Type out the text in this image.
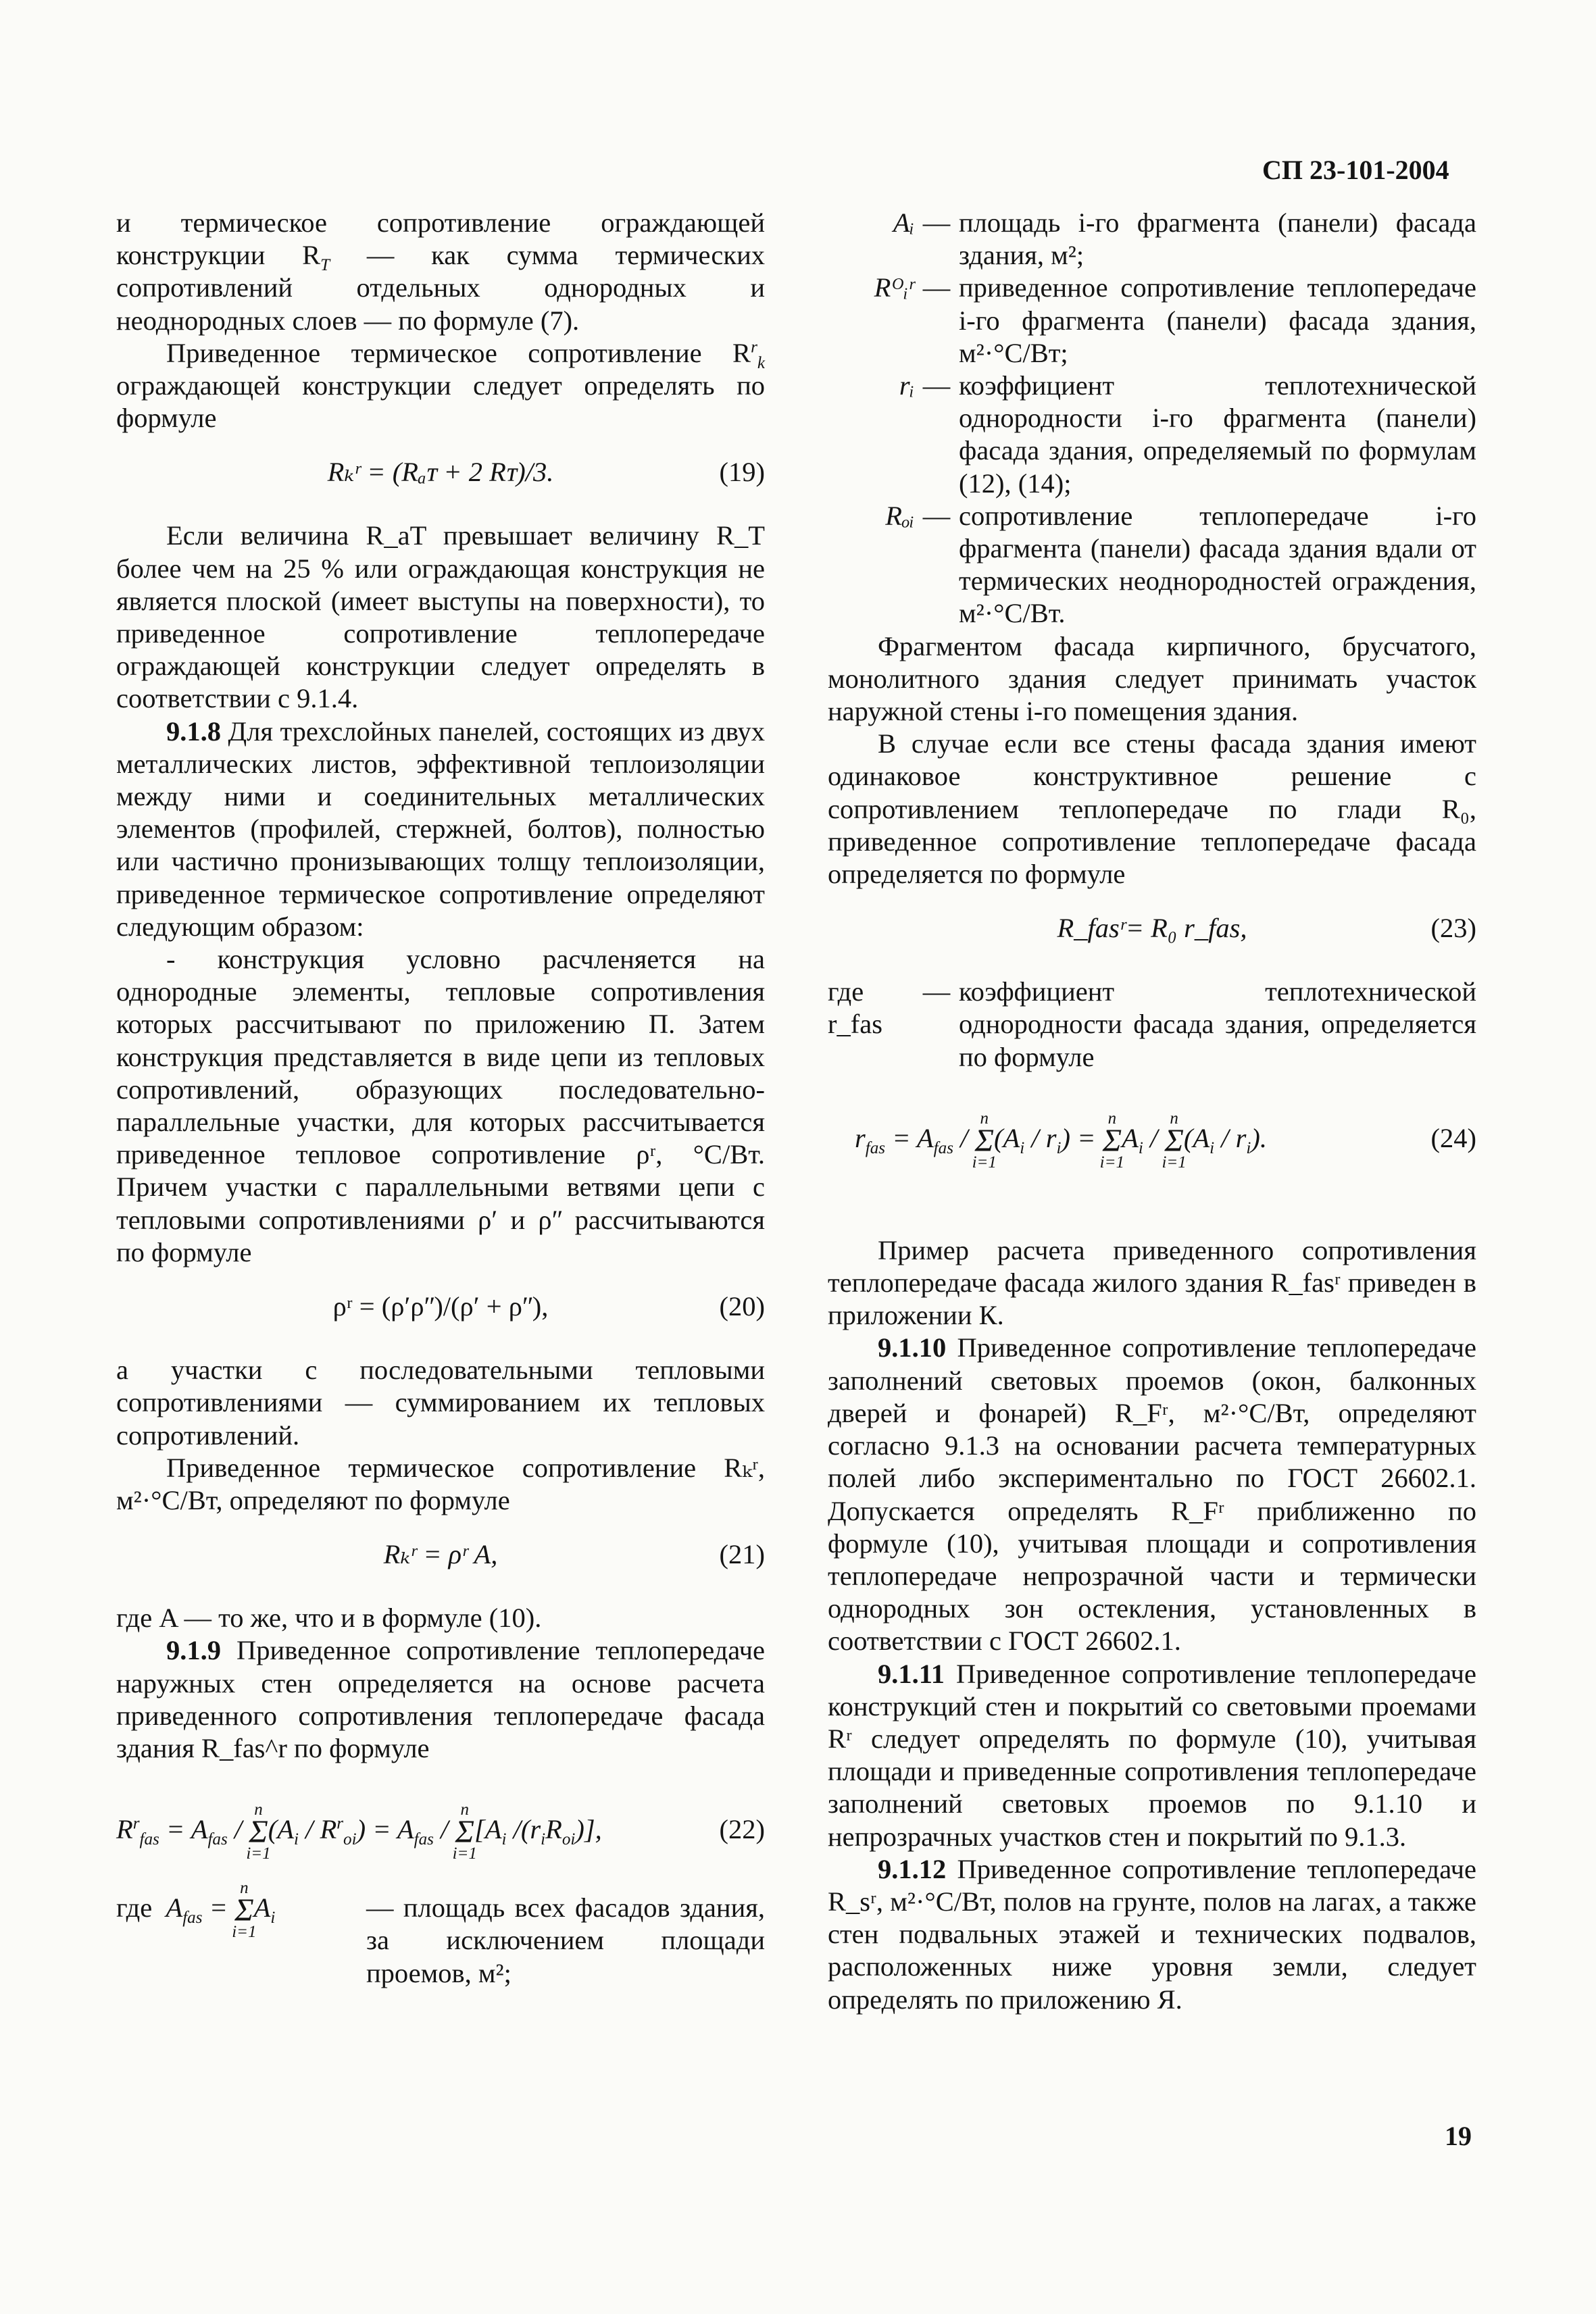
СП 23-101-2004

и термическое сопротивление ограждающей конструкции $R_T$ — как сумма термических сопротивлений отдельных однородных и неоднородных слоев — по формуле (7).

Приведенное термическое сопротивление $R^r_k$ ограждающей конструкции следует определять по формуле

Rₖʳ = (Rₐᴛ + 2 Rᴛ)/3.	(19)

Если величина R_aT превышает величину R_T более чем на 25 % или ограждающая конструкция не является плоской (имеет выступы на поверхности), то приведенное сопротивление теплопередаче ограждающей конструкции следует определять в соответствии с 9.1.4.

9.1.8 Для трехслойных панелей, состоящих из двух металлических листов, эффективной теплоизоляции между ними и соединительных металлических элементов (профилей, стержней, болтов), полностью или частично пронизывающих толщу теплоизоляции, приведенное термическое сопротивление определяют следующим образом:

- конструкция условно расчленяется на однородные элементы, тепловые сопротивления которых рассчитывают по приложению П. Затем конструкция представляется в виде цепи из тепловых сопротивлений, образующих последовательно-параллельные участки, для которых рассчитывается приведенное тепловое сопротивление ρʳ, °С/Вт. Причем участки с параллельными ветвями цепи с тепловыми сопротивлениями ρʹ и ρʺ рассчитываются по формуле

ρʳ = (ρʹρʺ)/(ρʹ + ρʺ),	(20)

а участки с последовательными тепловыми сопротивлениями — суммированием их тепловых сопротивлений.

Приведенное термическое сопротивление Rₖʳ, м²·°С/Вт, определяют по формуле

Rₖʳ = ρʳ A,	(21)

где A — то же, что и в формуле (10).

9.1.9 Приведенное сопротивление теплопередаче наружных стен определяется на основе расчета приведенного сопротивления теплопередаче фасада здания R_fas^r по формуле

$R^r_{fas} = A_{fas} / \Sigma$
n
i=1
$(A_i / R^r_{oi}) = A_{fas} / \Sigma$
n
i=1
[$A_i$ $/(r_iR_{oi})$],	(22)
где  $A_{fas} = \Sigma$
n
i=1
$A_i$	— площадь всех фасадов здания, за исключением площади проемов, м²;
Aᵢ — площадь i-го фрагмента (панели) фасада здания, м²;
Rᴼᵢʳ — приведенное сопротивление теплопередаче i-го фрагмента (панели) фасада здания, м²·°С/Вт;
rᵢ — коэффициент теплотехнической однородности i-го фрагмента (панели) фасада здания, определяемый по формулам (12), (14);
Rₒᵢ — сопротивление теплопередаче i-го фрагмента (панели) фасада здания вдали от термических неоднородностей ограждения, м²·°С/Вт.

Фрагментом фасада кирпичного, брусчатого, монолитного здания следует принимать участок наружной стены i-го помещения здания.

В случае если все стены фасада здания имеют одинаковое конструктивное решение с сопротивлением теплопередаче по глади R₀, приведенное сопротивление теплопередаче фасада определяется по формуле

R_fasʳ= R₀ r_fas,	(23)
где r_fas
— коэффициент теплотехнической однородности фасада здания, определяется по формуле
$r_{fas} = A_{fas} / \Sigma$
n
i=1
$(A_i / r_i) = \Sigma$
n
i=1
$A_i$ / Σ
n
i=1
$(A_i / r_i)$.	(24)

Пример расчета приведенного сопротивления теплопередаче фасада жилого здания R_fasʳ приведен в приложении К.

9.1.10 Приведенное сопротивление теплопередаче заполнений световых проемов (окон, балконных дверей и фонарей) R_Fʳ, м²·°С/Вт, определяют согласно 9.1.3 на основании расчета температурных полей либо экспериментально по ГОСТ 26602.1. Допускается определять R_Fʳ приближенно по формуле (10), учитывая площади и сопротивления теплопередаче непрозрачной части и термически однородных зон остекления, установленных в соответствии с ГОСТ 26602.1.

9.1.11 Приведенное сопротивление теплопередаче конструкций стен и покрытий со световыми проемами Rʳ следует определять по формуле (10), учитывая площади и приведенные сопротивления теплопередаче заполнений световых проемов по 9.1.10 и непрозрачных участков стен и покрытий по 9.1.3.

9.1.12 Приведенное сопротивление теплопередаче R_sʳ, м²·°С/Вт, полов на грунте, полов на лагах, а также стен подвальных этажей и технических подвалов, расположенных ниже уровня земли, следует определять по приложению Я.

19
